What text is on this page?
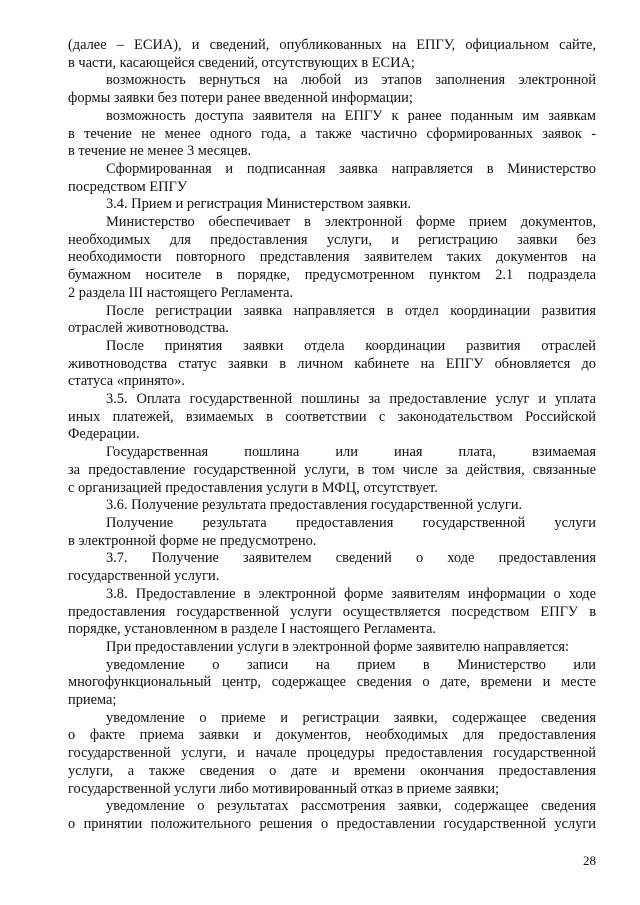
(далее – ЕСИА), и сведений, опубликованных на ЕПГУ, официальном сайте,
в части, касающейся сведений, отсутствующих в ЕСИА;
возможность вернуться на любой из этапов заполнения электронной
формы заявки без потери ранее введенной информации;
возможность доступа заявителя на ЕПГУ к ранее поданным им заявкам
в течение не менее одного года, а также частично сформированных заявок -
в течение не менее 3 месяцев.
Сформированная и подписанная заявка направляется в Министерство
посредством ЕПГУ
3.4. Прием и регистрация Министерством заявки.
Министерство обеспечивает в электронной форме прием документов,
необходимых для предоставления услуги, и регистрацию заявки без
необходимости повторного представления заявителем таких документов на
бумажном носителе в порядке, предусмотренном пунктом 2.1 подраздела
2 раздела III настоящего Регламента.
После регистрации заявка направляется в отдел координации развития
отраслей животноводства.
После принятия заявки отдела координации развития отраслей
животноводства статус заявки в личном кабинете на ЕПГУ обновляется до
статуса «принято».
3.5. Оплата государственной пошлины за предоставление услуг и уплата
иных платежей, взимаемых в соответствии с законодательством Российской
Федерации.
Государственная пошлина или иная плата, взимаемая
за предоставление государственной услуги, в том числе за действия, связанные
с организацией предоставления услуги в МФЦ, отсутствует.
3.6. Получение результата предоставления государственной услуги.
Получение результата предоставления государственной услуги
в электронной форме не предусмотрено.
3.7. Получение заявителем сведений о ходе предоставления
государственной услуги.
3.8. Предоставление в электронной форме заявителям информации о ходе
предоставления государственной услуги осуществляется посредством ЕПГУ в
порядке, установленном в разделе I настоящего Регламента.
При предоставлении услуги в электронной форме заявителю направляется:
уведомление о записи на прием в Министерство или
многофункциональный центр, содержащее сведения о дате, времени и месте
приема;
уведомление о приеме и регистрации заявки, содержащее сведения
о факте приема заявки и документов, необходимых для предоставления
государственной услуги, и начале процедуры предоставления государственной
услуги, а также сведения о дате и времени окончания предоставления
государственной услуги либо мотивированный отказ в приеме заявки;
уведомление о результатах рассмотрения заявки, содержащее сведения
о принятии положительного решения о предоставлении государственной услуги
28
